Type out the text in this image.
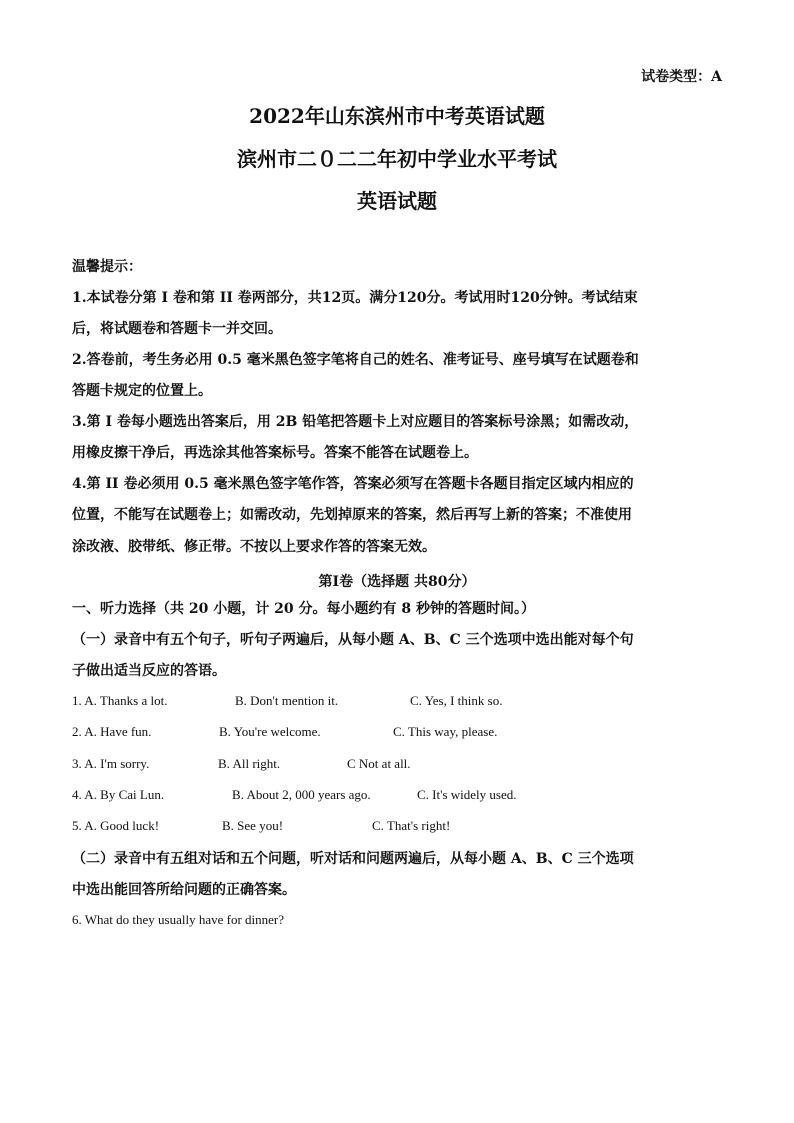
试卷类型：A
2022年山东滨州市中考英语试题
滨州市二０二二年初中学业水平考试
英语试题
温馨提示：
1.本试卷分第 I 卷和第 II 卷两部分，共12页。满分120分。考试用时120分钟。考试结束
后，将试题卷和答题卡一并交回。
2.答卷前，考生务必用 0.5 毫米黑色签字笔将自己的姓名、准考证号、座号填写在试题卷和
答题卡规定的位置上。
3.第 I 卷每小题选出答案后，用 2B 铅笔把答题卡上对应题目的答案标号涂黑；如需改动，
用橡皮擦干净后，再选涂其他答案标号。答案不能答在试题卷上。
4.第 II 卷必须用 0.5 毫米黑色签字笔作答，答案必须写在答题卡各题目指定区域内相应的
位置，不能写在试题卷上；如需改动，先划掉原来的答案，然后再写上新的答案；不准使用
涂改液、胶带纸、修正带。不按以上要求作答的答案无效。
第Ⅰ卷（选择题 共80分）
一、听力选择（共 20 小题，计 20 分。每小题约有 8 秒钟的答题时间。）
（一）录音中有五个句子，听句子两遍后，从每小题 A、B、C 三个选项中选出能对每个句
子做出适当反应的答语。
1. A. Thanks a lot.	B. Don't mention it.	C. Yes, I think so.
2. A. Have fun.	B. You're welcome.	C. This way, please.
3. A. I'm sorry.	B. All right.	C Not at all.
4. A. By Cai Lun.	B. About 2, 000 years ago.	C. It's widely used.
5. A. Good luck!	B. See you!	C. That's right!
（二）录音中有五组对话和五个问题，听对话和问题两遍后，从每小题 A、B、C 三个选项
中选出能回答所给问题的正确答案。
6. What do they usually have for dinner?
